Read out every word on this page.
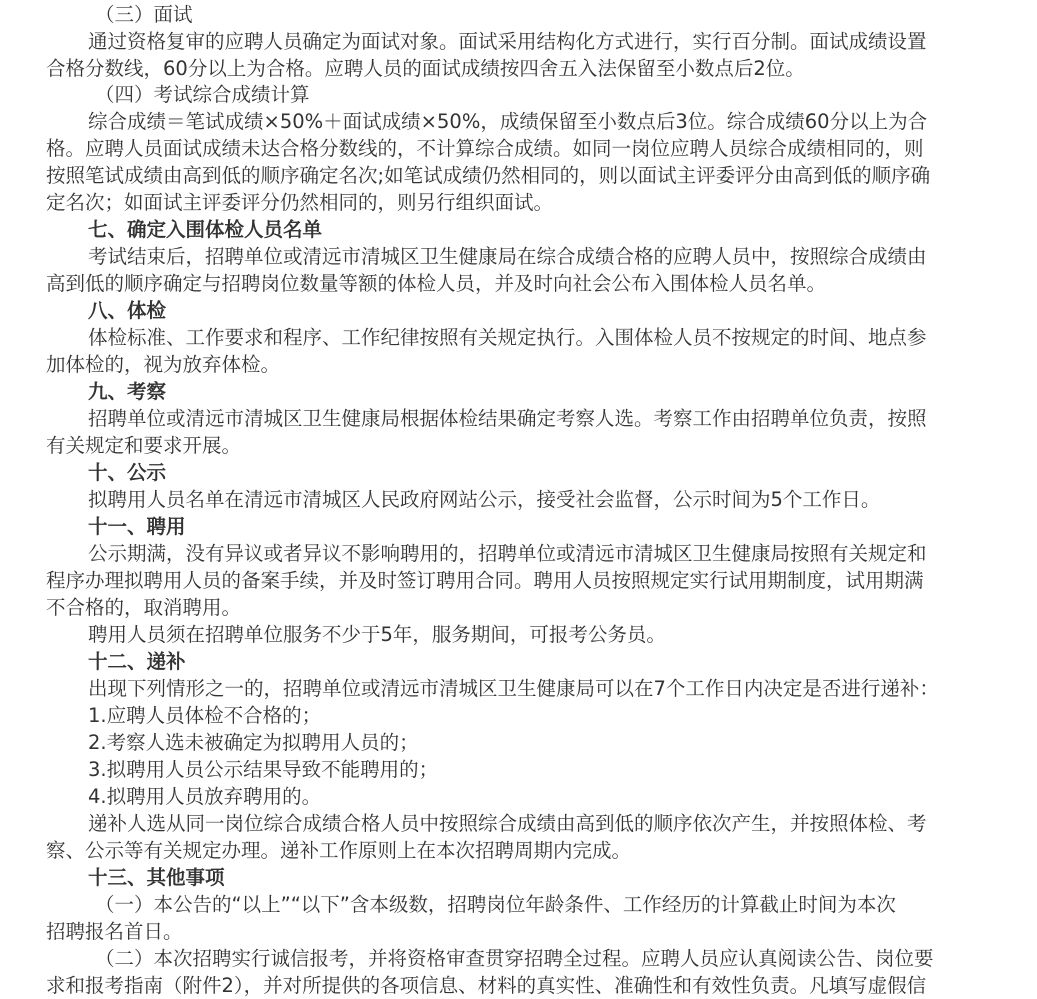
（三）面试
通过资格复审的应聘人员确定为面试对象。面试采用结构化方式进行，实行百分制。面试成绩设置
合格分数线，60分以上为合格。应聘人员的面试成绩按四舍五入法保留至小数点后2位。
（四）考试综合成绩计算
综合成绩＝笔试成绩×50%＋面试成绩×50%，成绩保留至小数点后3位。综合成绩60分以上为合
格。应聘人员面试成绩未达合格分数线的，不计算综合成绩。如同一岗位应聘人员综合成绩相同的，则
按照笔试成绩由高到低的顺序确定名次;如笔试成绩仍然相同的，则以面试主评委评分由高到低的顺序确
定名次；如面试主评委评分仍然相同的，则另行组织面试。
七、确定入围体检人员名单
考试结束后，招聘单位或清远市清城区卫生健康局在综合成绩合格的应聘人员中，按照综合成绩由
高到低的顺序确定与招聘岗位数量等额的体检人员，并及时向社会公布入围体检人员名单。
八、体检
体检标准、工作要求和程序、工作纪律按照有关规定执行。入围体检人员不按规定的时间、地点参
加体检的，视为放弃体检。
九、考察
招聘单位或清远市清城区卫生健康局根据体检结果确定考察人选。考察工作由招聘单位负责，按照
有关规定和要求开展。
十、公示
拟聘用人员名单在清远市清城区人民政府网站公示，接受社会监督，公示时间为5个工作日。
十一、聘用
公示期满，没有异议或者异议不影响聘用的，招聘单位或清远市清城区卫生健康局按照有关规定和
程序办理拟聘用人员的备案手续，并及时签订聘用合同。聘用人员按照规定实行试用期制度，试用期满
不合格的，取消聘用。
聘用人员须在招聘单位服务不少于5年，服务期间，可报考公务员。
十二、递补
出现下列情形之一的，招聘单位或清远市清城区卫生健康局可以在7个工作日内决定是否进行递补：
1.应聘人员体检不合格的；
2.考察人选未被确定为拟聘用人员的；
3.拟聘用人员公示结果导致不能聘用的；
4.拟聘用人员放弃聘用的。
递补人选从同一岗位综合成绩合格人员中按照综合成绩由高到低的顺序依次产生，并按照体检、考
察、公示等有关规定办理。递补工作原则上在本次招聘周期内完成。
十三、其他事项
（一）本公告的“以上”“以下”含本级数，招聘岗位年龄条件、工作经历的计算截止时间为本次
招聘报名首日。
（二）本次招聘实行诚信报考，并将资格审查贯穿招聘全过程。应聘人员应认真阅读公告、岗位要
求和报考指南（附件2），并对所提供的各项信息、材料的真实性、准确性和有效性负责。凡填写虚假信
